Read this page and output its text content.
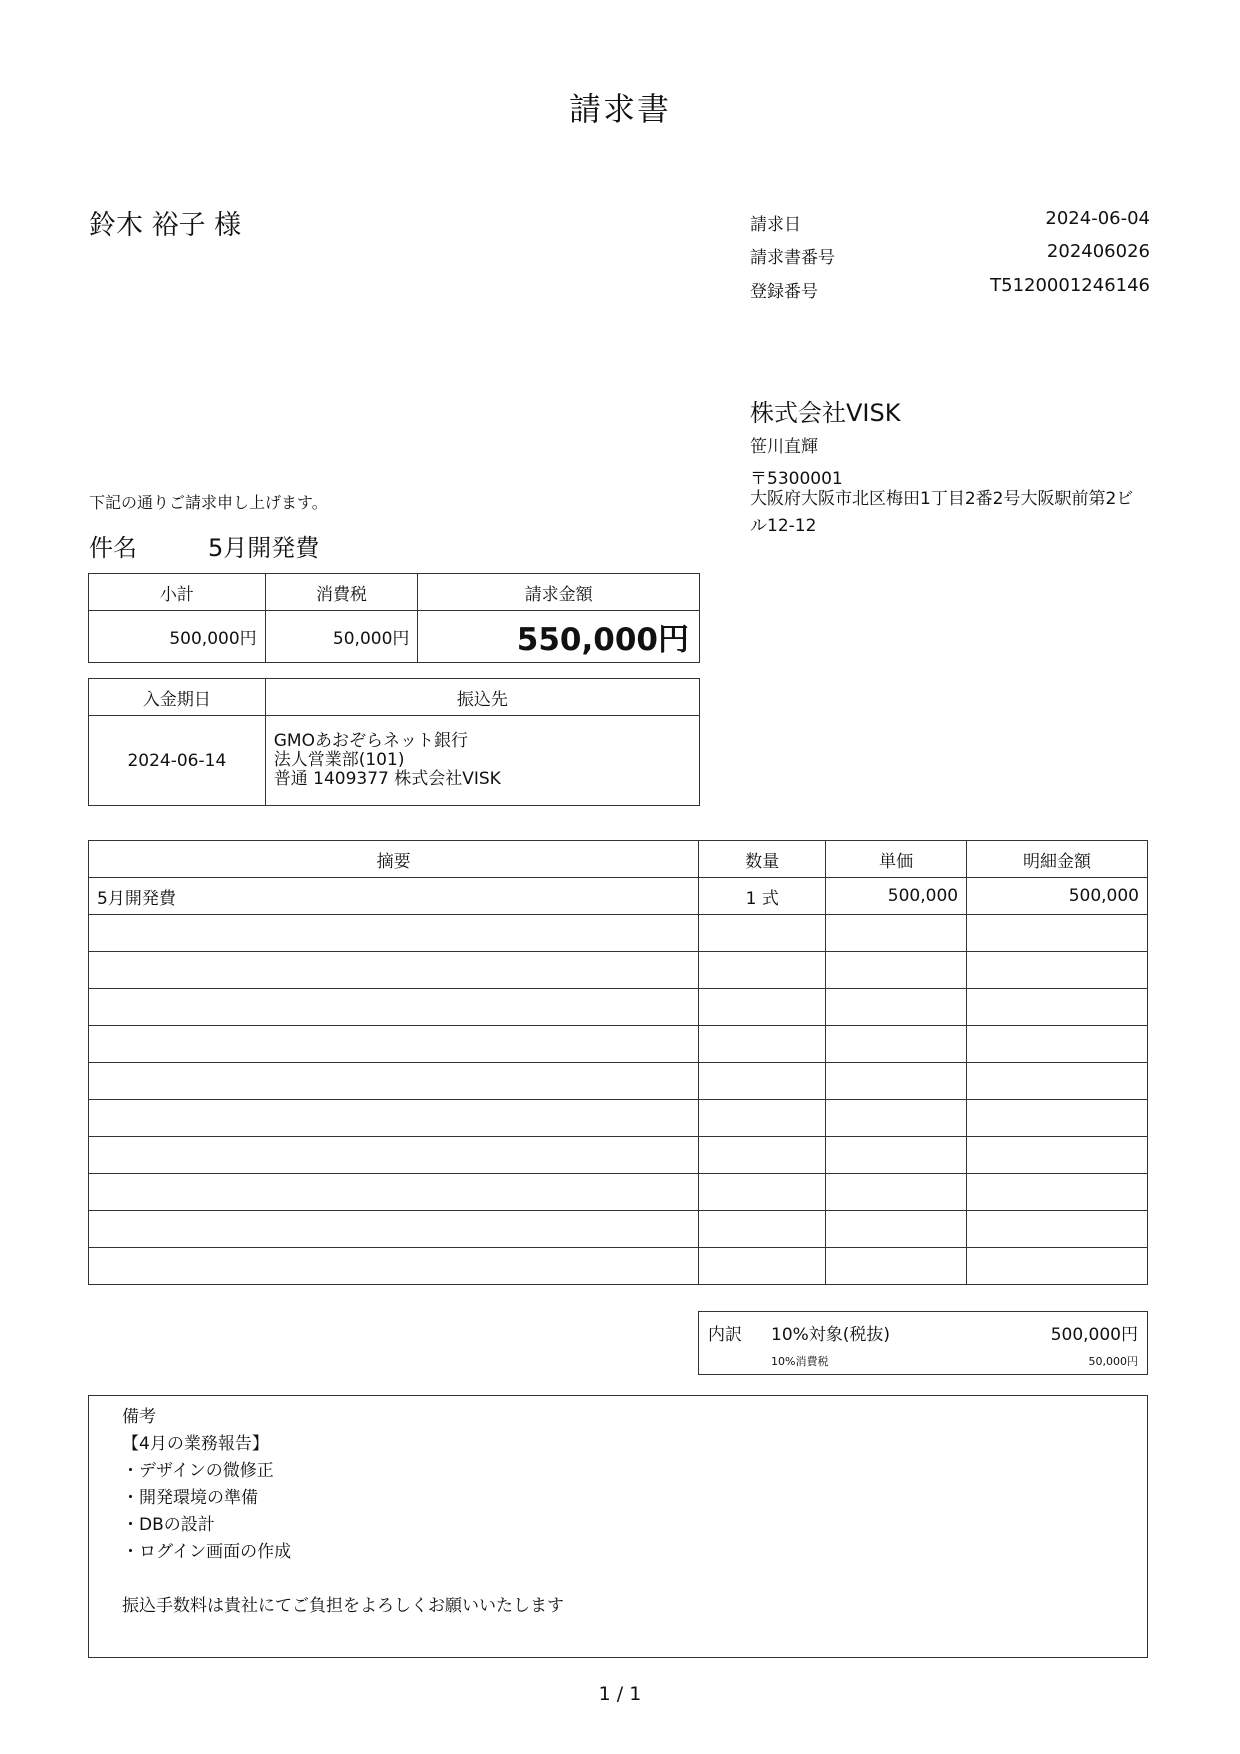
請求書
鈴木 裕子 様	請求日	2024-06-04
請求書番号	202406026
登録番号	T5120001246146
株式会社VISK
笹川直輝
〒5300001
大阪府大阪市北区梅田1丁目2番2号大阪駅前第2ビル12-12
下記の通りご請求申し上げます。
件名	5月開発費
小計	消費税	請求金額
500,000円	50,000円	550,000円
入金期日	振込先
2024-06-14	GMOあおぞらネット銀行
法人営業部(101)
普通 1409377 株式会社VISK
摘要	数量	単価	明細金額
5月開発費	1 式	500,000	500,000

内訳 10%対象(税抜)	500,000円
10%消費税	50,000円
備考
【4月の業務報告】
・デザインの微修正
・開発環境の準備
・DBの設計
・ログイン画面の作成
振込手数料は貴社にてご負担をよろしくお願いいたします
1 / 1
